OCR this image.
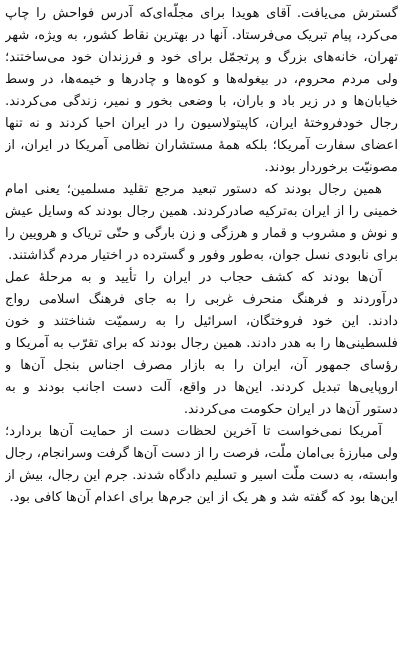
گسترش می‌یافت. آقای هویدا برای مجلّه‌ای‌که آدرس فواحش را چاپ
می‌کرد، پیام تبریک می‌فرستاد. آنها در بهترین نقاط کشور، به ویژه، شهر
تهران، خانه‌های بزرگ و پرتجمّل برای خود و فرزندان خود می‌ساختند؛
ولی مردم محروم، در بیغوله‌ها و کوه‌ها و چادرها و خیمه‌ها، در وسط
خیابان‌ها و در زیر باد و باران، با وضعی بخور و نمیر، زندگی می‌کردند.
رجال خودفروختهٔ ایران، کاپیتولاسیون را در ایران احیا کردند و نه تنها
اعضای سفارت آمریکا؛ بلکه همهٔ مستشاران نظامی آمریکا در ایران، از
مصونیّت برخوردار بودند.

همین رجال بودند که دستور تبعید مرجع تقلید مسلمین؛ یعنی امام
خمینی را از ایران به‌ترکیه صادرکردند. همین رجال بودند که وسایل عیش
و نوش و مشروب و قمار و هرزگی و زن بارگی و حتّی تریاک و هرویین را
برای نابودی نسل جوان، به‌طور وفور و گسترده در اختیار مردم گذاشتند.

آن‌ها بودند که کشف حجاب در ایران را تأیید و به مرحلهٔ عمل
درآوردند و فرهنگ منحرف غربی را به جای فرهنگ اسلامی رواج
دادند. این خود فروختگان، اسرائیل را به رسمیّت شناختند و خون
فلسطینی‌ها را به هدر دادند. همین رجال بودند که برای تقرّب به آمریکا و
رؤسای جمهور آن، ایران را به بازار مصرف اجناس بنجل آن‌ها و
اروپایی‌ها تبدیل کردند. این‌ها در واقع، آلت دست اجانب بودند و به
دستور آن‌ها در ایران حکومت می‌کردند.

آمریکا نمی‌خواست تا آخرین لحظات دست از حمایت آن‌ها بردارد؛
ولی مبارزهٔ بی‌امان ملّت، فرصت را از دست آن‌ها گرفت وسرانجام، رجال
وابسته، به دست ملّت اسیر و تسلیم دادگاه شدند. جرم این رجال، بیش از
این‌ها بود که گفته شد و هر یک از این جرم‌ها برای اعدام آن‌ها کافی بود.
